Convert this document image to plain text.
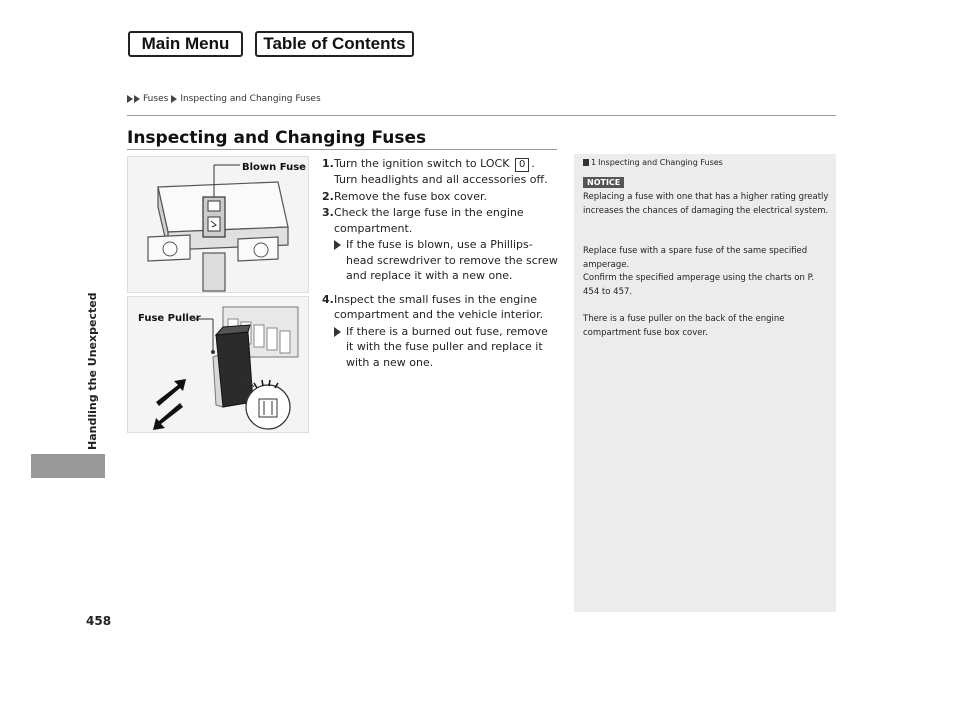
Main Menu	Table of Contents
Fuses Inspecting and Changing Fuses
Inspecting and Changing Fuses
Handling the Unexpected
458
Blown Fuse
Fuse Puller
1. Turn the ignition switch to LOCK 0 . Turn headlights and all accessories off.
2. Remove the fuse box cover.
3. Check the large fuse in the engine compartment.
If the fuse is blown, use a Phillips-head screwdriver to remove the screw and replace it with a new one.
4. Inspect the small fuses in the engine compartment and the vehicle interior.
If there is a burned out fuse, remove it with the fuse puller and replace it with a new one.
1 Inspecting and Changing Fuses
NOTICE
Replacing a fuse with one that has a higher rating greatly increases the chances of damaging the electrical system.
Replace fuse with a spare fuse of the same specified amperage.
Confirm the specified amperage using the charts on P. 454 to 457.
There is a fuse puller on the back of the engine compartment fuse box cover.
